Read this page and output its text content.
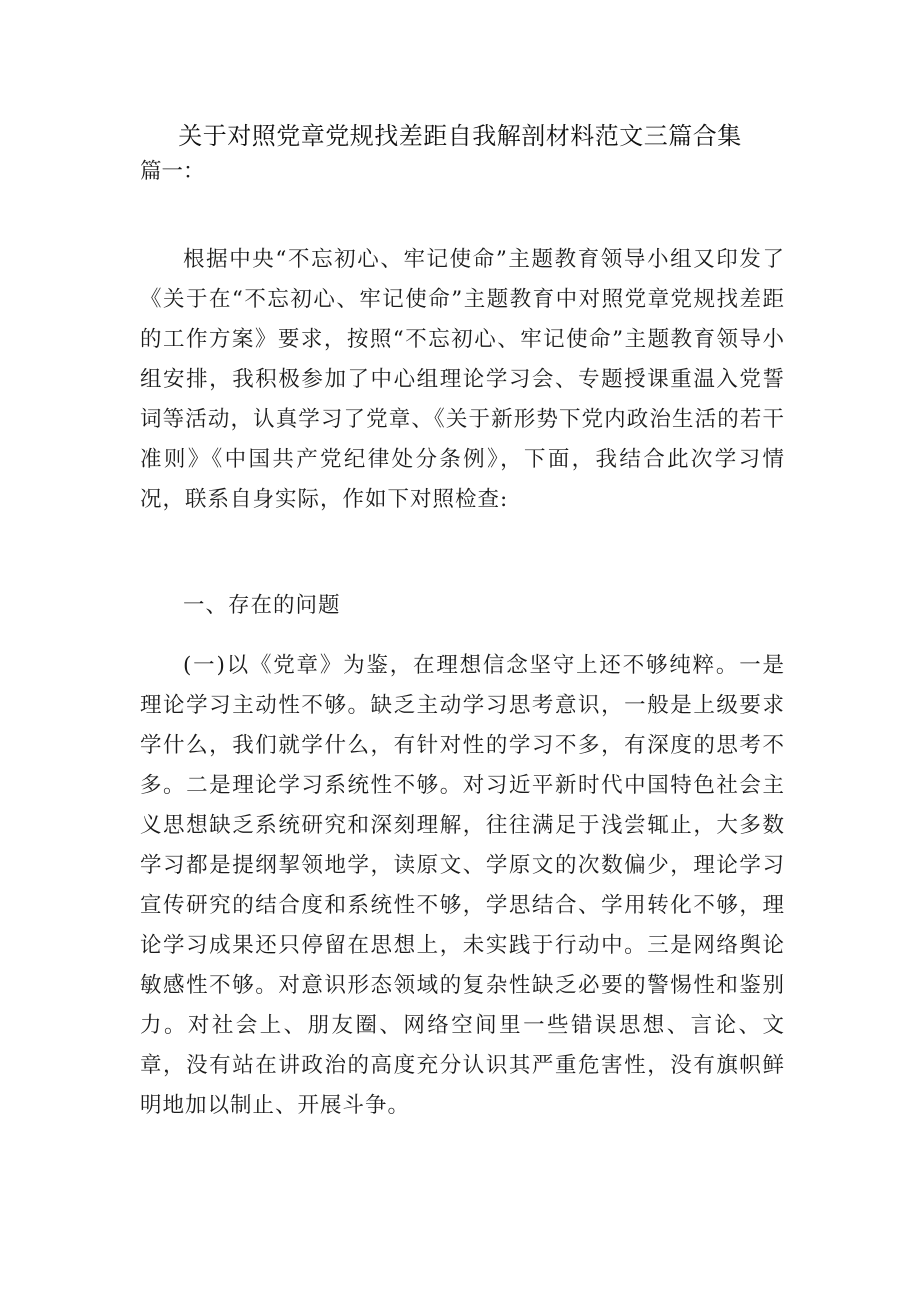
关于对照党章党规找差距自我解剖材料范文三篇合集
篇一：

根据中央“不忘初心、牢记使命”主题教育领导小组又印发了《关于在“不忘初心、牢记使命”主题教育中对照党章党规找差距的工作方案》要求，按照“不忘初心、牢记使命”主题教育领导小组安排，我积极参加了中心组理论学习会、专题授课重温入党誓词等活动，认真学习了党章、《关于新形势下党内政治生活的若干准则》《中国共产党纪律处分条例》，下面，我结合此次学习情况，联系自身实际，作如下对照检查:

一、存在的问题

(一)以《党章》为鉴，在理想信念坚守上还不够纯粹。一是理论学习主动性不够。缺乏主动学习思考意识，一般是上级要求学什么，我们就学什么，有针对性的学习不多，有深度的思考不多。二是理论学习系统性不够。对习近平新时代中国特色社会主义思想缺乏系统研究和深刻理解，往往满足于浅尝辄止，大多数学习都是提纲挈领地学，读原文、学原文的次数偏少，理论学习宣传研究的结合度和系统性不够，学思结合、学用转化不够，理论学习成果还只停留在思想上，未实践于行动中。三是网络舆论敏感性不够。对意识形态领域的复杂性缺乏必要的警惕性和鉴别力。对社会上、朋友圈、网络空间里一些错误思想、言论、文章，没有站在讲政治的高度充分认识其严重危害性，没有旗帜鲜明地加以制止、开展斗争。
